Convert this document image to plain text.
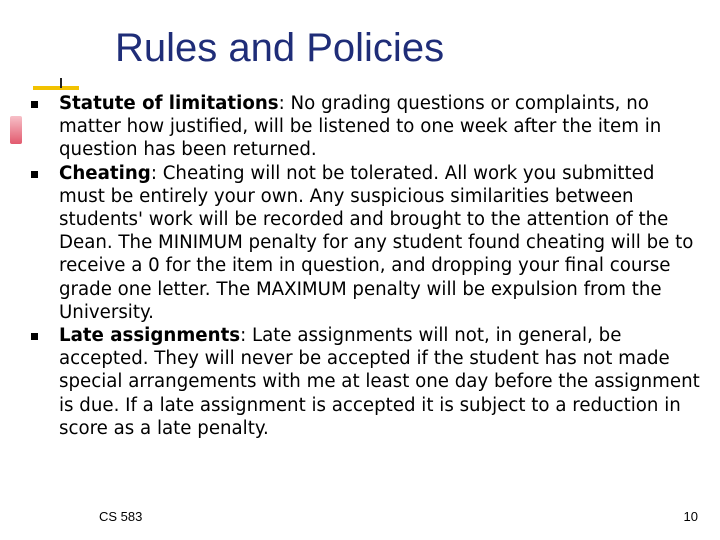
Rules and Policies
Statute of limitations: No grading questions or complaints, no matter how justified, will be listened to one week after the item in question has been returned.
Cheating: Cheating will not be tolerated. All work you submitted must be entirely your own. Any suspicious similarities between students' work will be recorded and brought to the attention of the Dean. The MINIMUM penalty for any student found cheating will be to receive a 0 for the item in question, and dropping your final course grade one letter. The MAXIMUM penalty will be expulsion from the University.
Late assignments: Late assignments will not, in general, be accepted. They will never be accepted if the student has not made special arrangements with me at least one day before the assignment is due. If a late assignment is accepted it is subject to a reduction in score as a late penalty.
CS 583	10
